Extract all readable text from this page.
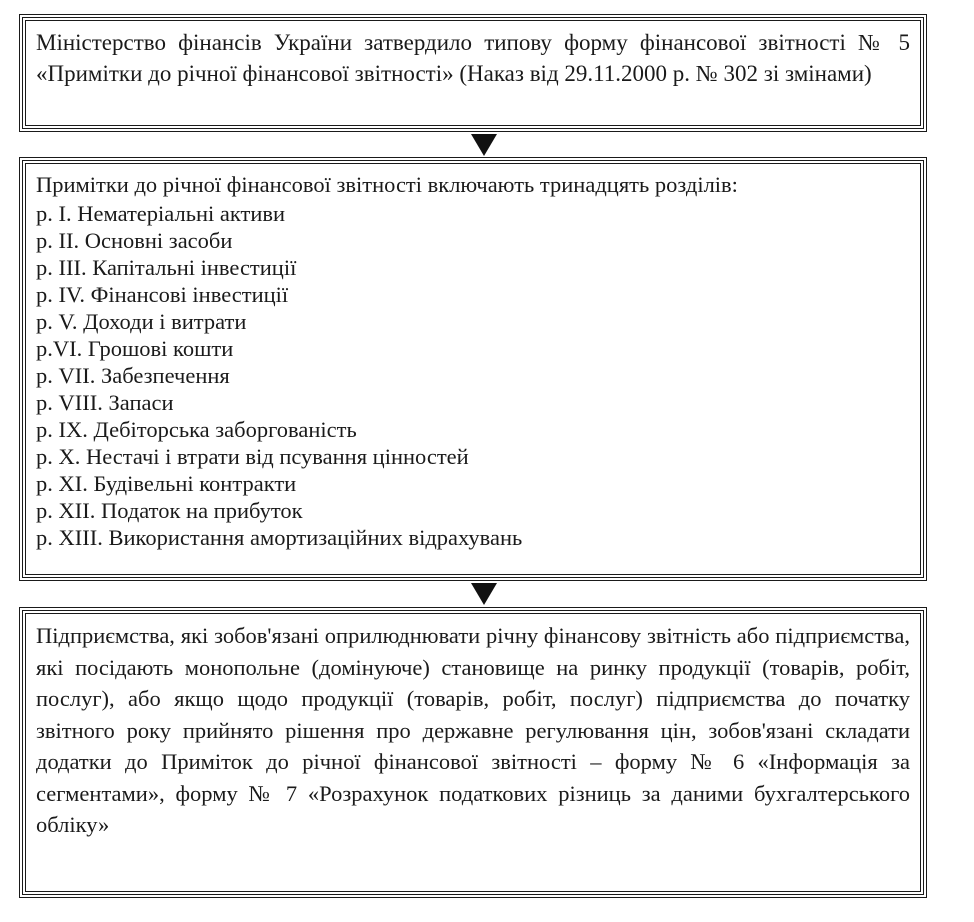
Міністерство фінансів України затвердило типову форму фінансової звітності № 5 «Примітки до річної фінансової звітності» (Наказ від 29.11.2000 р. № 302 зі змінами)

Примітки до річної фінансової звітності включають тринадцять розділів:

р. I. Нематеріальні активи
р. II. Основні засоби
р. III. Капітальні інвестиції
р. IV. Фінансові інвестиції
р. V. Доходи і витрати
р.VI. Грошові кошти
р. VII. Забезпечення
р. VIII. Запаси
р. IX. Дебіторська заборгованість
р. X. Нестачі і втрати від псування цінностей
р. XI. Будівельні контракти
р. XII. Податок на прибуток
р. XIII. Використання амортизаційних відрахувань

Підприємства, які зобов'язані оприлюднювати річну фінансову звітність або підприємства, які посідають монопольне (домінуюче) становище на ринку продукції (товарів, робіт, послуг), або якщо щодо продукції (товарів, робіт, послуг) підприємства до початку звітного року прийнято рішення про державне регулювання цін, зобов'язані складати додатки до Приміток до річної фінансової звітності – форму № 6 «Інформація за сегментами», форму № 7 «Розрахунок податкових різниць за даними бухгалтерського обліку»
